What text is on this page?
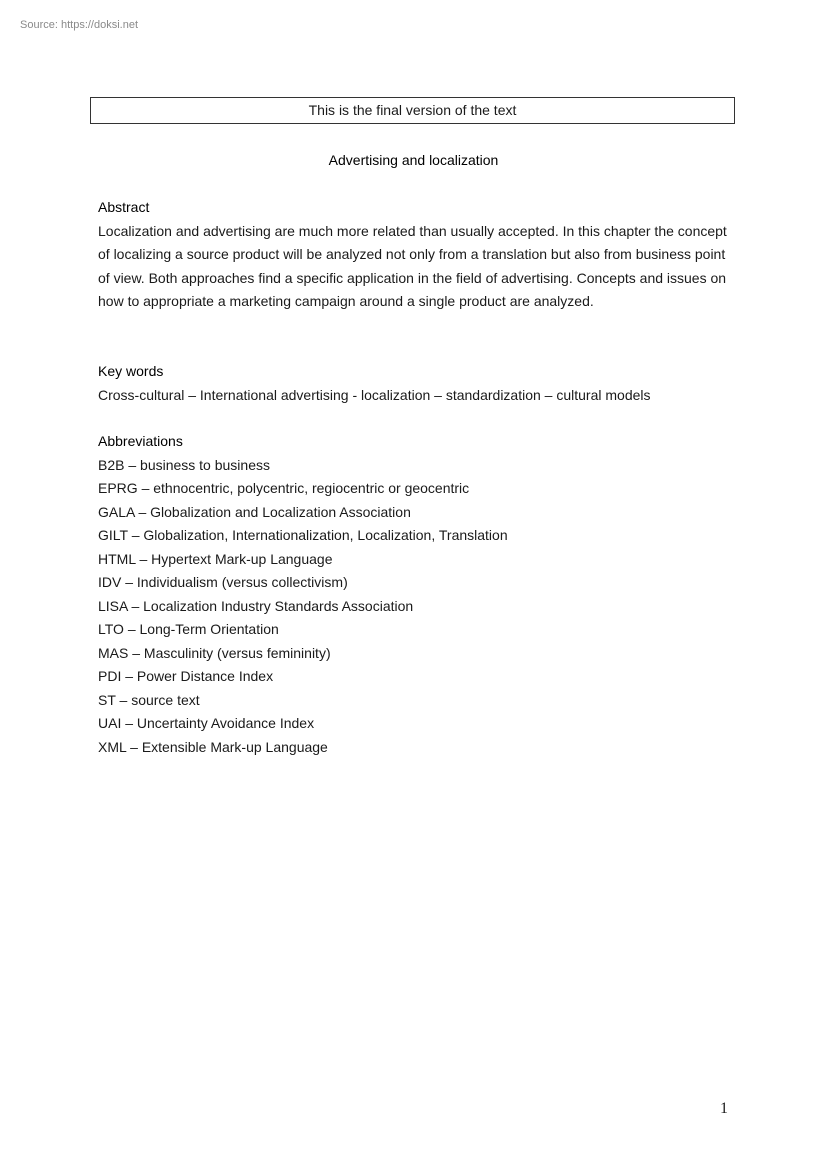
Source: https://doksi.net
This is the final version of the text
Advertising and localization
Abstract

Localization and advertising are much more related than usually accepted. In this chapter the concept of localizing a source product will be analyzed not only from a translation but also from business point of view. Both approaches find a specific application in the field of advertising. Concepts and issues on how to appropriate a marketing campaign around a single product are analyzed.

Key words

Cross-cultural – International advertising - localization – standardization – cultural models

Abbreviations
B2B – business to business
EPRG – ethnocentric, polycentric, regiocentric or geocentric
GALA – Globalization and Localization Association
GILT – Globalization, Internationalization, Localization, Translation
HTML – Hypertext Mark-up Language
IDV – Individualism (versus collectivism)
LISA – Localization Industry Standards Association
LTO – Long-Term Orientation
MAS – Masculinity (versus femininity)
PDI – Power Distance Index
ST – source text
UAI – Uncertainty Avoidance Index
XML – Extensible Mark-up Language
1
